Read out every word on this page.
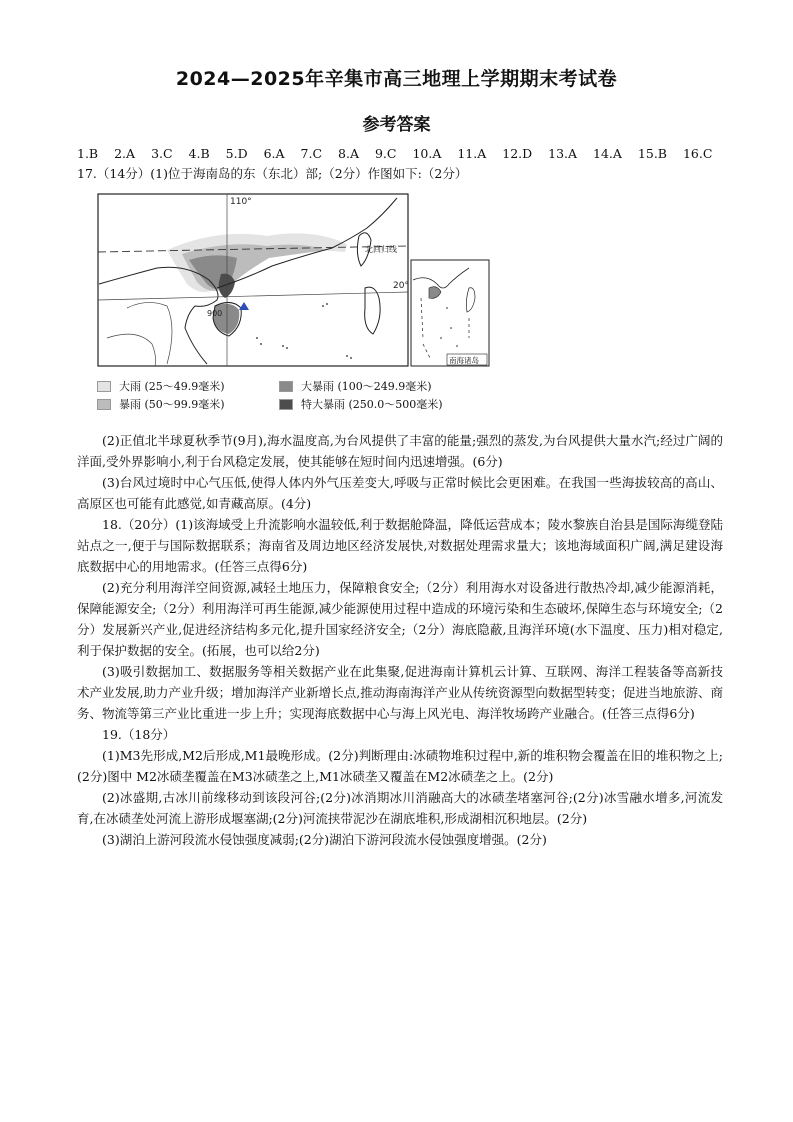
2024—2025年辛集市高三地理上学期期末考试卷
参考答案
1.B 2.A 3.C 4.B 5.D 6.A 7.C 8.A 9.C 10.A 11.A 12.D 13.A 14.A 15.B 16.C
17.（14分）(1)位于海南岛的东（东北）部;（2分）作图如下:（2分）
110°
20°
北回归线
900
南海诸岛
大雨 (25～49.9毫米)	大暴雨 (100～249.9毫米)
暴雨 (50～99.9毫米)	特大暴雨 (250.0～500毫米)

(2)正值北半球夏秋季节(9月),海水温度高,为台风提供了丰富的能量;强烈的蒸发,为台风提供大量水汽;经过广阔的洋面,受外界影响小,利于台风稳定发展，使其能够在短时间内迅速增强。(6分)

(3)台风过境时中心气压低,使得人体内外气压差变大,呼吸与正常时候比会更困难。在我国一些海拔较高的高山、高原区也可能有此感觉,如青藏高原。(4分)

18.（20分）(1)该海域受上升流影响水温较低,利于数据舱降温，降低运营成本；陵水黎族自治县是国际海缆登陆站点之一,便于与国际数据联系；海南省及周边地区经济发展快,对数据处理需求量大；该地海域面积广阔,满足建设海底数据中心的用地需求。(任答三点得6分)

(2)充分利用海洋空间资源,减轻土地压力，保障粮食安全;（2分）利用海水对设备进行散热冷却,减少能源消耗，保障能源安全;（2分）利用海洋可再生能源,减少能源使用过程中造成的环境污染和生态破坏,保障生态与环境安全;（2分）发展新兴产业,促进经济结构多元化,提升国家经济安全;（2分）海底隐蔽,且海洋环境(水下温度、压力)相对稳定,利于保护数据的安全。(拓展，也可以给2分)

(3)吸引数据加工、数据服务等相关数据产业在此集聚,促进海南计算机云计算、互联网、海洋工程装备等高新技术产业发展,助力产业升级；增加海洋产业新增长点,推动海南海洋产业从传统资源型向数据型转变；促进当地旅游、商务、物流等第三产业比重进一步上升；实现海底数据中心与海上风光电、海洋牧场跨产业融合。(任答三点得6分)

19.（18分）

(1)M3先形成,M2后形成,M1最晚形成。(2分)判断理由:冰碛物堆积过程中,新的堆积物会覆盖在旧的堆积物之上;(2分)图中 M2冰碛垄覆盖在M3冰碛垄之上,M1冰碛垄又覆盖在M2冰碛垄之上。(2分)

(2)冰盛期,古冰川前缘移动到该段河谷;(2分)冰消期冰川消融高大的冰碛垄堵塞河谷;(2分)冰雪融水增多,河流发育,在冰碛垄处河流上游形成堰塞湖;(2分)河流挟带泥沙在湖底堆积,形成湖相沉积地层。(2分)

(3)湖泊上游河段流水侵蚀强度减弱;(2分)湖泊下游河段流水侵蚀强度增强。(2分)
